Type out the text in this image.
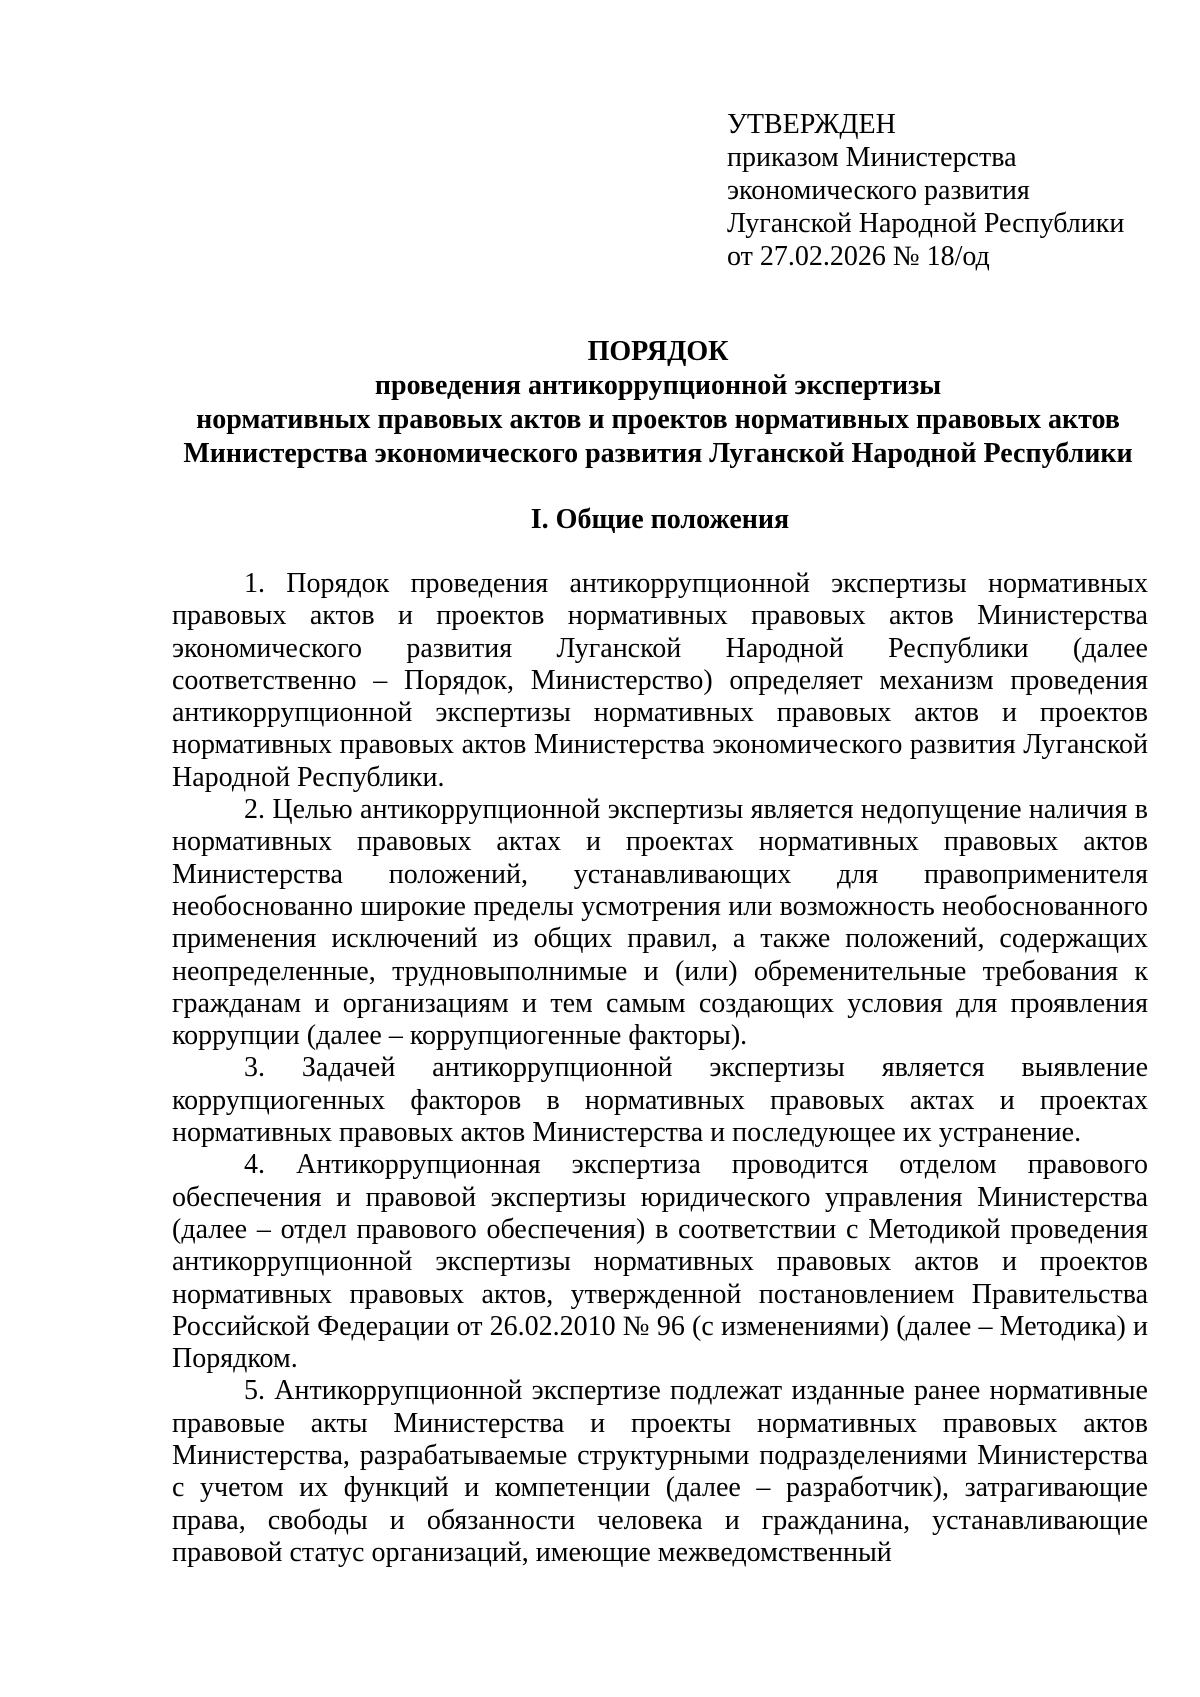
УТВЕРЖДЕН
приказом Министерства
экономического развития
Луганской Народной Республики
от 27.02.2026 № 18/од
ПОРЯДОК
проведения антикоррупционной экспертизы
нормативных правовых актов и проектов нормативных правовых актов
Министерства экономического развития Луганской Народной Республики
I. Общие положения

1. Порядок проведения антикоррупционной экспертизы нормативных правовых актов и проектов нормативных правовых актов Министерства экономического развития Луганской Народной Республики (далее соответственно – Порядок, Министерство) определяет механизм проведения антикоррупционной экспертизы нормативных правовых актов и проектов нормативных правовых актов Министерства экономического развития Луганской Народной Республики.

2. Целью антикоррупционной экспертизы является недопущение наличия в нормативных правовых актах и проектах нормативных правовых актов Министерства положений, устанавливающих для правоприменителя необоснованно широкие пределы усмотрения или возможность необоснованного применения исключений из общих правил, а также положений, содержащих неопределенные, трудновыполнимые и (или) обременительные требования к гражданам и организациям и тем самым создающих условия для проявления коррупции (далее – коррупциогенные факторы).

3. Задачей антикоррупционной экспертизы является выявление коррупциогенных факторов в нормативных правовых актах и проектах нормативных правовых актов Министерства и последующее их устранение.

4. Антикоррупционная экспертиза проводится отделом правового обеспечения и правовой экспертизы юридического управления Министерства (далее – отдел правового обеспечения) в соответствии с Методикой проведения антикоррупционной экспертизы нормативных правовых актов и проектов нормативных правовых актов, утвержденной постановлением Правительства Российской Федерации от 26.02.2010 № 96 (с изменениями) (далее – Методика) и Порядком.

5. Антикоррупционной экспертизе подлежат изданные ранее нормативные правовые акты Министерства и проекты нормативных правовых актов Министерства, разрабатываемые структурными подразделениями Министерства с учетом их функций и компетенции (далее – разработчик), затрагивающие права, свободы и обязанности человека и гражданина, устанавливающие правовой статус организаций, имеющие межведомственный
